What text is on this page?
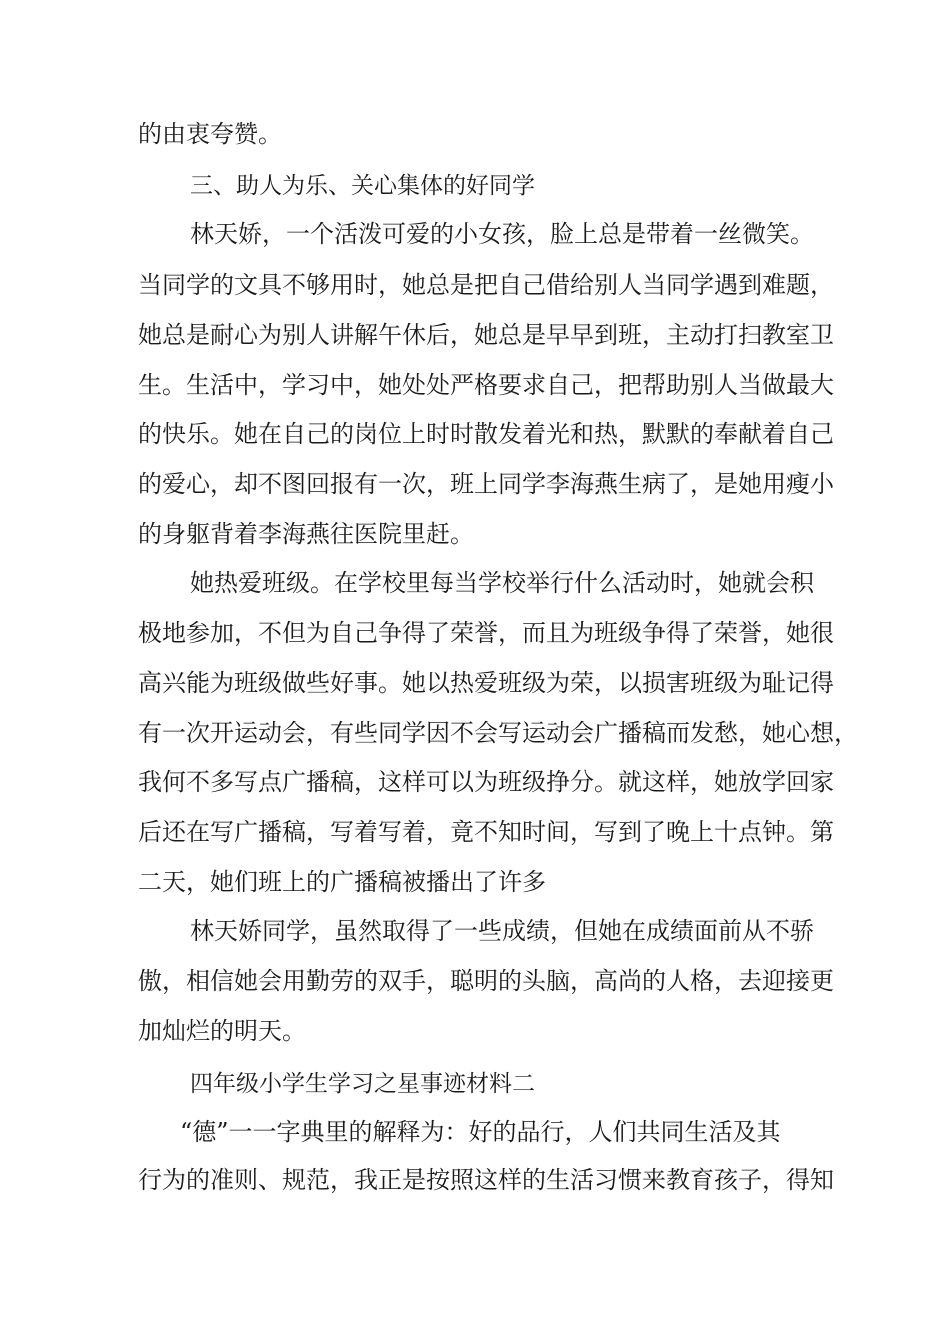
的由衷夸赞。
三、助人为乐、关心集体的好同学
林天娇，一个活泼可爱的小女孩，脸上总是带着一丝微笑。
当同学的文具不够用时，她总是把自己借给别人当同学遇到难题，
她总是耐心为别人讲解午休后，她总是早早到班，主动打扫教室卫
生。生活中，学习中，她处处严格要求自己，把帮助别人当做最大
的快乐。她在自己的岗位上时时散发着光和热，默默的奉献着自己
的爱心，却不图回报有一次，班上同学李海燕生病了，是她用瘦小
的身躯背着李海燕往医院里赶。
她热爱班级。在学校里每当学校举行什么活动时，她就会积
极地参加，不但为自己争得了荣誉，而且为班级争得了荣誉，她很
高兴能为班级做些好事。她以热爱班级为荣，以损害班级为耻记得
有一次开运动会，有些同学因不会写运动会广播稿而发愁，她心想，
我何不多写点广播稿，这样可以为班级挣分。就这样，她放学回家
后还在写广播稿，写着写着，竟不知时间，写到了晚上十点钟。第
二天，她们班上的广播稿被播出了许多
林天娇同学，虽然取得了一些成绩，但她在成绩面前从不骄
傲，相信她会用勤劳的双手，聪明的头脑，高尚的人格，去迎接更
加灿烂的明天。
四年级小学生学习之星事迹材料二
“德”一一字典里的解释为：好的品行，人们共同生活及其
行为的准则、规范，我正是按照这样的生活习惯来教育孩子，得知
